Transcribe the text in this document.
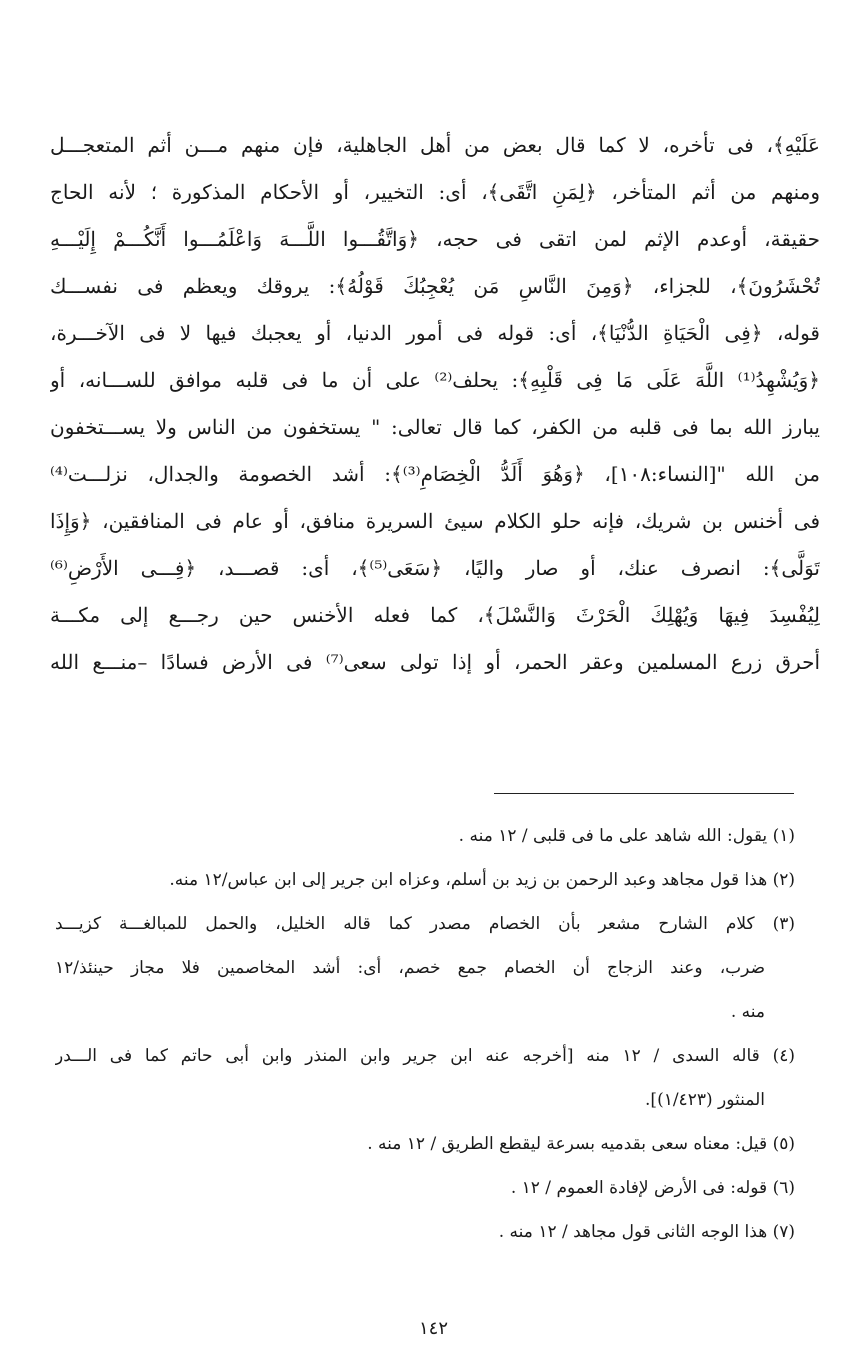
عَلَيْهِ﴾، فى تأخره، لا كما قال بعض من أهل الجاهلية، فإن منهم مـــن أثم المتعجـــل
ومنهم من أثم المتأخر، ﴿لِمَنِ اتَّقَى﴾، أى: التخيير، أو الأحكام المذكورة ؛ لأنه الحاج
حقيقة، أوعدم الإثم لمن اتقى فى حجه، ﴿وَاتَّقُـــوا اللَّـــهَ وَاعْلَمُـــوا أَنَّكُـــمْ إِلَيْـــهِ
تُحْشَرُونَ﴾، للجزاء، ﴿وَمِنَ النَّاسِ مَن يُعْجِبُكَ قَوْلُهُ﴾: يروقك ويعظم فى نفســـك
قوله، ﴿فِى الْحَيَاةِ الدُّنْيَا﴾، أى: قوله فى أمور الدنيا، أو يعجبك فيها لا فى الآخـــرة،
﴿وَيُشْهِدُ⁽¹⁾ اللَّهَ عَلَى مَا فِى قَلْبِهِ﴾: يحلف⁽²⁾ على أن ما فى قلبه موافق للســـانه، أو
يبارز الله بما فى قلبه من الكفر، كما قال تعالى: " يستخفون من الناس ولا يســـتخفون
من الله "[النساء:١٠٨]، ﴿وَهُوَ أَلَدُّ الْخِصَامِ⁽³⁾﴾: أشد الخصومة والجدال، نزلـــت⁽⁴⁾
فى أخنس بن شريك، فإنه حلو الكلام سيئ السريرة منافق، أو عام فى المنافقين، ﴿وَإِذَا
تَوَلَّى﴾: انصرف عنك، أو صار واليًا، ﴿سَعَى⁽⁵⁾﴾، أى: قصـــد، ﴿فِـــى الأَرْضِ⁽⁶⁾
لِيُفْسِدَ فِيهَا وَيُهْلِكَ الْحَرْثَ وَالنَّسْلَ﴾، كما فعله الأخنس حين رجـــع إلى مكـــة
أحرق زرع المسلمين وعقر الحمر، أو إذا تولى سعى⁽⁷⁾ فى الأرض فسادًا –منـــع الله
(١) يقول: الله شاهد على ما فى قلبى / ١٢ منه .
(٢) هذا قول مجاهد وعبد الرحمن بن زيد بن أسلم، وعزاه ابن جرير إلى ابن عباس/١٢ منه.
(٣) كلام الشارح مشعر بأن الخصام مصدر كما قاله الخليل، والحمل للمبالغـــة كزيـــد
ضرب، وعند الزجاج أن الخصام جمع خصم، أى: أشد المخاصمين فلا مجاز حينئذ/١٢
منه .
(٤) قاله السدى / ١٢ منه [أخرجه عنه ابن جرير وابن المنذر وابن أبى حاتم كما فى الـــدر
المنثور (١/٤٢٣)].
(٥) قيل: معناه سعى بقدميه بسرعة ليقطع الطريق / ١٢ منه .
(٦) قوله: فى الأرض لإفادة العموم / ١٢ .
(٧) هذا الوجه الثانى قول مجاهد / ١٢ منه .
١٤٢
